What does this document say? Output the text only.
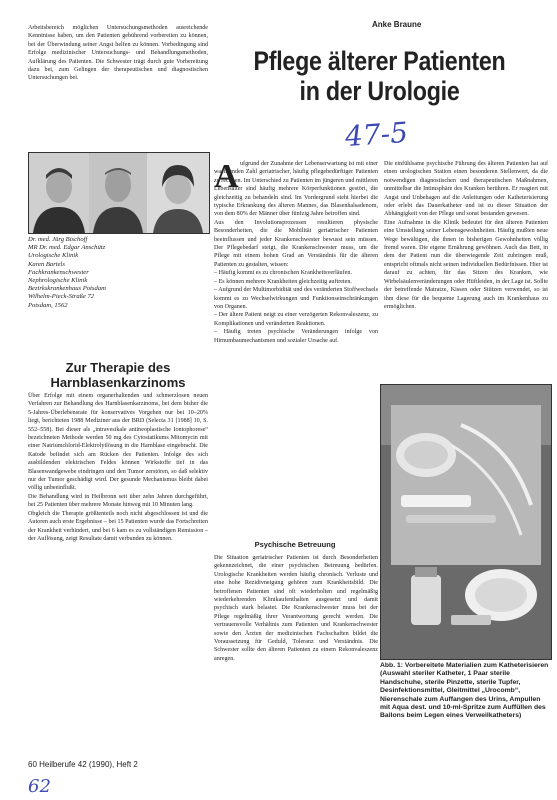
Anke Braune
Pflege älterer Patienten
in der Urologie
47-5
Arbeitsbereich möglichen Untersuchungsmethoden ausreichende Kenntnisse haben, um den Patienten gebührend vorbereiten zu können, bei der Überwindung seiner Angst helfen zu können. Vorbedingung sind Erfolge medizinischer Untersuchungs- und Behandlungsmethoden, Aufklärung des Patienten. Die Schwester trägt durch gute Vorbereitung dazu bei, zum Gelingen der therapeutischen und diagnostischen Untersuchungen bei.
Dr. med. Jürg Bischoff
MR Dr. med. Edgar Anschütz
Urologische Klinik
Karen Bartels
Fachkrankenschwester
Nephrologische Klinik
Bezirkskrankenhaus Potsdam
Wilhelm-Pieck-Straße 72
Potsdam, 1562
Zur Therapie des
Harnblasenkarzinoms
Über Erfolge mit einem organerhaltenden und schmerzlosen neuen Verfahren zur Behandlung des Harnblasenkarzinoms, bei dem bisher die 5-Jahres-Überlebensrate für konservatives Vorgehen nur bei 10–20% liegt, berichteten 1988 Mediziner aus der BRD (Selecta 31 [1988] 10, S. 552–558). Bei dieser als „intravesikale antineoplastische Iontophorese“ bezeichneten Methode werden 50 mg des Cytostatikums Mitomycin mit einer Natriumchlorid-Elektrolytlösung in die Harnblase eingebracht. Die Katode befindet sich am Rücken des Patienten. Infolge des sich ausbildenden elektrischen Feldes können Wirkstoffe tief in das Blasenwandgewebe eindringen und den Tumor zerstören, so daß selektiv nur der Tumor geschädigt wird. Der gesunde Mechanismus bleibt dabei völlig unbeeinflußt.
Die Behandlung wird in Heilbronn seit über zehn Jahren durchgeführt, bei 25 Patienten über mehrere Monate hinweg mit 10 Minuten lang.
Obgleich die Therapie größtenteils noch nicht abgeschlossen ist und die Autoren auch erste Ergebnisse – bei 15 Patienten wurde das Fortschreiten der Krankheit verhindert, und bei 6 kam es zu vollständigen Remission – der Auflösung, zeigt Resultate damit verbunden zu können.
A ufgrund der Zunahme der Lebenserwartung ist mit einer wachsenden Zahl geriatrischer, häufig pflegebedürftiger Patienten zu rechnen. Im Unterschied zu Patienten im jüngeren und mittleren Lebensalter sind häufig mehrere Körperfunktionen gestört, die gleichzeitig zu behandeln sind. Im Vordergrund steht hierbei die typische Erkrankung des älteren Mannes, das Blasenhalsadenom, von dem 80% der Männer über fünfzig Jahre betroffen sind.
Aus den Involutionsprozessen resultieren physische Besonderheiten, die die Mobilität geriatrischer Patienten beeinflussen und jeder Krankenschwester bewusst sein müssen. Der Pflegebedarf steigt, die Krankenschwester muss, um die Pflege mit einem hohen Grad an Verständnis für die älteren Patienten zu gestalten, wissen:
– Häufig kommt es zu chronischen Krankheitsverläufen.
– Es können mehrere Krankheiten gleichzeitig auftreten.
– Aufgrund der Multimorbidität und des veränderten Stoffwechsels kommt es zu Wechselwirkungen und Funktionseinschränkungen von Organen.
– Der ältere Patient neigt zu einer verzögerten Rekonvaleszenz, zu Komplikationen und veränderten Reaktionen.
– Häufig treten psychische Veränderungen infolge von Hirnumbaumechanismen und sozialer Ursache auf.
Psychische Betreuung
Die Situation geriatrischer Patienten ist durch Besonderheiten gekennzeichnet, die einer psychischen Betreuung bedürfen. Urologische Krankheiten werden häufig chronisch. Verluste und eine hohe Rezidivneigung gehören zum Krankheitsbild. Die betroffenen Patienten sind oft wiederholten und regelmäßig wiederkehrenden Klinikaufenthalten ausgesetzt und damit psychisch stark belastet. Die Krankenschwester muss bei der Pflege regelmäßig ihrer Verantwortung gerecht werden. Die vertrauensvolle Verhältnis zum Patienten und Krankenschwester sowie den Ärzten der medizinischen Fachschaften bildet die Voraussetzung für Geduld, Toleranz und Verständnis. Die Schwester sollte den älteren Patienten zu einem Rekonvaleszenz anregen.
Die einfühlsame psychische Führung des älteren Patienten hat auf einen urologischen Station einen besonderen Stellenwert, da die notwendigen diagnostischen und therapeutischen Maßnahmen, unmittelbar die Intimsphäre des Kranken berühren. Er reagiert mit Angst und Unbehagen auf die Anleitungen oder Katheterisierung oder erlebt das Dauerkatheter und ist zu dieser Situation der Abhängigkeit von der Pflege und sonst bestanden gewesen.
Eine Aufnahme in die Klinik bedeutet für den älteren Patienten eine Umstellung seiner Lebensgewohnheiten. Häufig mußten neue Wege bewältigen, die ihnen in bisherigen Gewohnheiten völlig fremd waren. Die eigene Ernährung gewöhnen. Auch das Bett, in dem der Patient nun die überwiegende Zeit zubringen muß, entspricht oftmals nicht seinen individuellen Bedürfnissen. Hier ist darauf zu achten, für das Sitzen des Kranken, wie Wirbelsäulenveränderungen oder Hüftleiden, in der Lage ist. Sollte der betreffende Matratze, Kissen oder Stützen verwendet, so ist ihm diese für die bequeme Lagerung auch im Krankenhaus zu ermöglichen.
Abb. 1: Vorbereitete Materialien zum Katheterisieren (Auswahl steriler Katheter, 1 Paar sterile Handschuhe, sterile Pinzette, sterile Tupfer, Desinfektionsmittel, Gleitmittel „Urocomb“, Nierenschale zum Auffangen des Urins, Ampullen mit Aqua dest. und 10-ml-Spritze zum Auffüllen des Ballons beim Legen eines Verweilkatheters)
60 Heilberufe 42 (1990), Heft 2
62
